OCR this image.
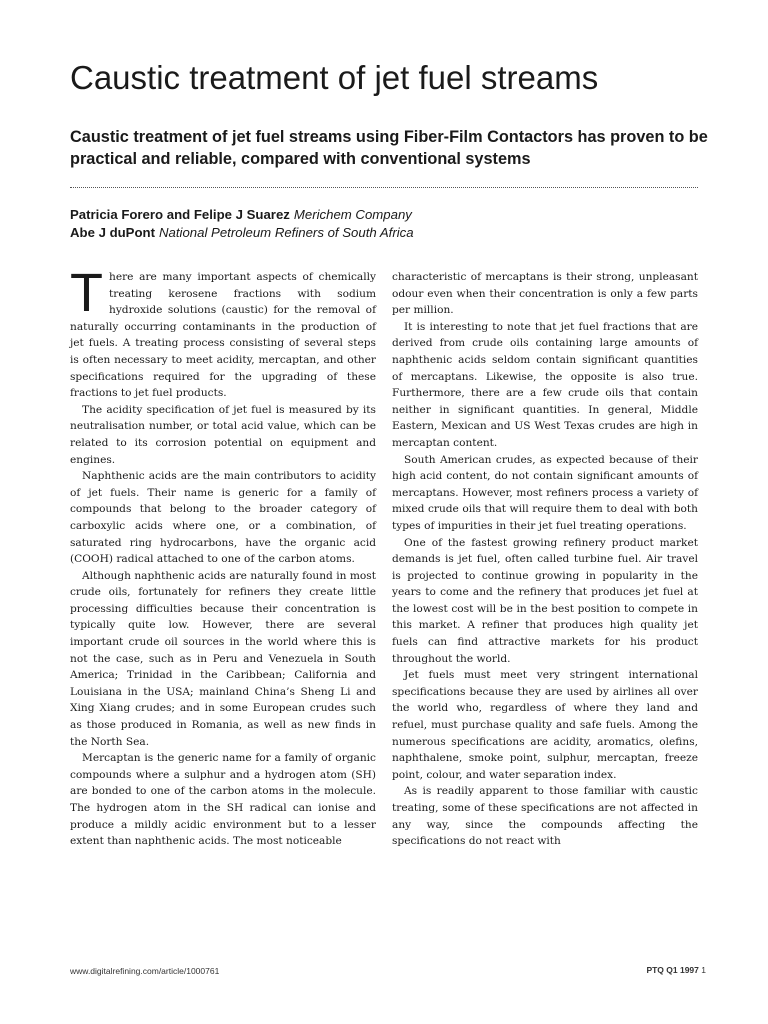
Caustic treatment of jet fuel streams
Caustic treatment of jet fuel streams using Fiber-Film Contactors has proven to be practical and reliable, compared with conventional systems
Patricia Forero and Felipe J Suarez Merichem Company
Abe J duPont National Petroleum Refiners of South Africa

There are many important aspects of chemically treating kerosene fractions with sodium hydroxide solutions (caustic) for the removal of naturally occurring contaminants in the production of jet fuels. A treating process consisting of several steps is often necessary to meet acidity, mercaptan, and other specifications required for the upgrading of these fractions to jet fuel products.

The acidity specification of jet fuel is measured by its neutralisation number, or total acid value, which can be related to its corrosion potential on equipment and engines.

Naphthenic acids are the main contributors to acidity of jet fuels. Their name is generic for a family of compounds that belong to the broader category of carboxylic acids where one, or a combination, of saturated ring hydrocarbons, have the organic acid (COOH) radical attached to one of the carbon atoms.

Although naphthenic acids are naturally found in most crude oils, fortunately for refiners they create little processing difficulties because their concentration is typically quite low. However, there are several important crude oil sources in the world where this is not the case, such as in Peru and Venezuela in South America; Trinidad in the Caribbean; California and Louisiana in the USA; mainland China’s Sheng Li and Xing Xiang crudes; and in some European crudes such as those produced in Romania, as well as new finds in the North Sea.

Mercaptan is the generic name for a family of organic compounds where a sulphur and a hydrogen atom (SH) are bonded to one of the carbon atoms in the molecule. The hydrogen atom in the SH radical can ionise and produce a mildly acidic environment but to a lesser extent than naphthenic acids. The most noticeable

characteristic of mercaptans is their strong, unpleasant odour even when their concentration is only a few parts per million.

It is interesting to note that jet fuel fractions that are derived from crude oils containing large amounts of naphthenic acids seldom contain significant quantities of mercaptans. Likewise, the opposite is also true. Furthermore, there are a few crude oils that contain neither in significant quantities. In general, Middle Eastern, Mexican and US West Texas crudes are high in mercaptan content.

South American crudes, as expected because of their high acid content, do not contain significant amounts of mercaptans. However, most refiners process a variety of mixed crude oils that will require them to deal with both types of impurities in their jet fuel treating operations.

One of the fastest growing refinery product market demands is jet fuel, often called turbine fuel. Air travel is projected to continue growing in popularity in the years to come and the refinery that produces jet fuel at the lowest cost will be in the best position to compete in this market. A refiner that produces high quality jet fuels can find attractive markets for his product throughout the world.

Jet fuels must meet very stringent international specifications because they are used by airlines all over the world who, regardless of where they land and refuel, must purchase quality and safe fuels. Among the numerous specifications are acidity, aromatics, olefins, naphthalene, smoke point, sulphur, mercaptan, freeze point, colour, and water separation index.

As is readily apparent to those familiar with caustic treating, some of these specifications are not affected in any way, since the compounds affecting the specifications do not react with

www.digitalrefining.com/article/1000761	PTQ Q1 1997 1
